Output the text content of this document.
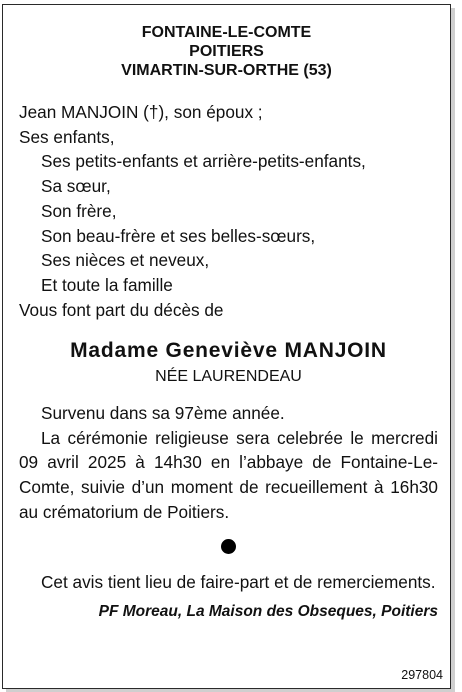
FONTAINE-LE-COMTE
POITIERS
VIMARTIN-SUR-ORTHE (53)
Jean MANJOIN (†), son époux ;
Ses enfants,
Ses petits-enfants et arrière-petits-enfants,
Sa sœur,
Son frère,
Son beau-frère et ses belles-sœurs,
Ses nièces et neveux,
Et toute la famille
Vous font part du décès de
Madame Geneviève MANJOIN
NÉE LAURENDEAU
Survenu dans sa 97ème année.
La cérémonie religieuse sera celebrée le mercredi 09 avril 2025 à 14h30 en l’abbaye de Fontaine-Le-Comte, suivie d’un moment de recueillement à 16h30 au crématorium de Poitiers.
Cet avis tient lieu de faire-part et de remerciements.
PF Moreau, La Maison des Obseques, Poitiers
297804
